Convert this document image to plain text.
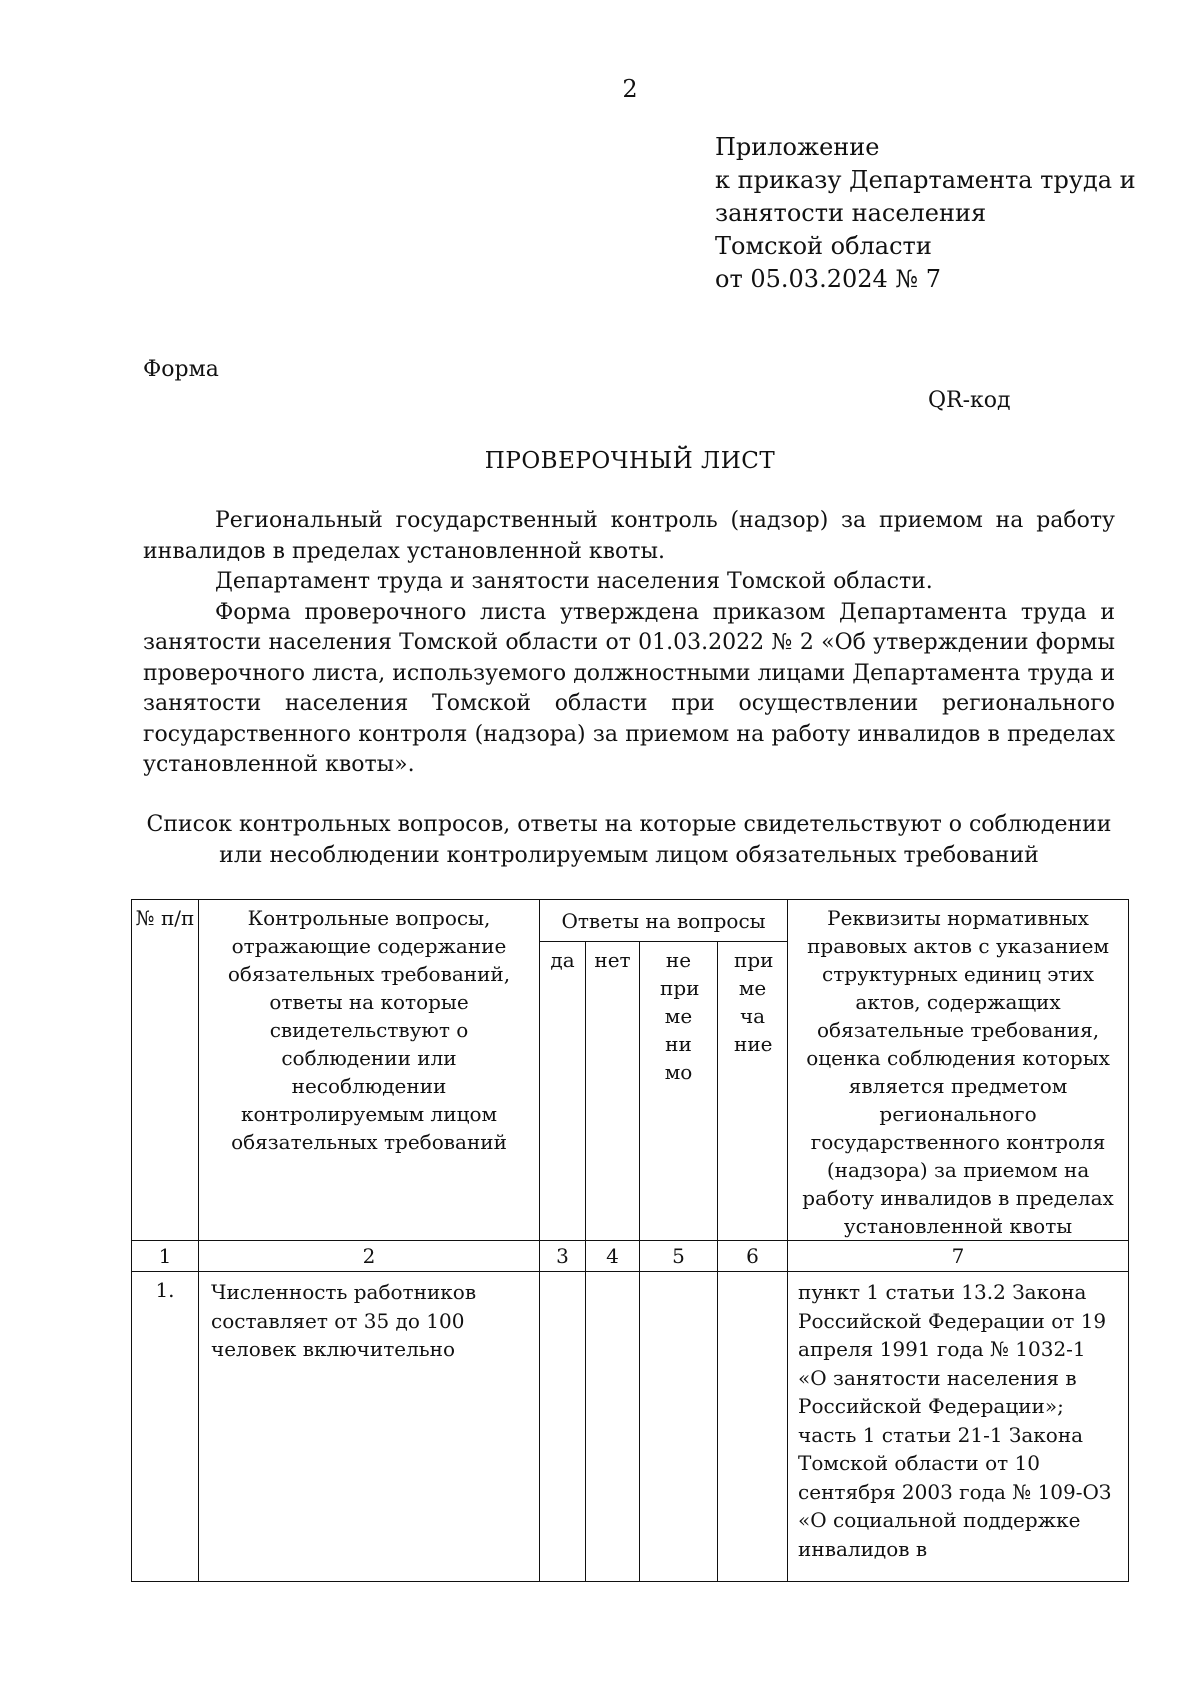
2
Приложение
к приказу Департамента труда и
занятости населения
Томской области
от 05.03.2024 № 7
Форма
QR-код
ПРОВЕРОЧНЫЙ ЛИСТ

Региональный государственный контроль (надзор) за приемом на работу инвалидов в пределах установленной квоты.

Департамент труда и занятости населения Томской области.

Форма проверочного листа утверждена приказом Департамента труда и занятости населения Томской области от 01.03.2022 № 2 «Об утверждении формы проверочного листа, используемого должностными лицами Департамента труда и занятости населения Томской области при осуществлении регионального государственного контроля (надзора) за приемом на работу инвалидов в пределах установленной квоты».

Список контрольных вопросов, ответы на которые свидетельствуют о соблюдении
или несоблюдении контролируемым лицом обязательных требований
№ п/п	Контрольные вопросы, отражающие содержание обязательных требований, ответы на которые свидетельствуют о соблюдении или несоблюдении контролируемым лицом обязательных требований	Ответы на вопросы				Реквизиты нормативных правовых актов с указанием структурных единиц этих актов, содержащих обязательные требования, оценка соблюдения которых является предметом регионального государственного контроля (надзора) за приемом на работу инвалидов в пределах установленной квоты
		да	нет	не при ме ни мо	при ме ча ние	
1	2	3	4	5	6	7
1.	Численность работников составляет от 35 до 100 человек включительно					пункт 1 статьи 13.2 Закона Российской Федерации от 19 апреля 1991 года № 1032-1 «О занятости населения в Российской Федерации»; часть 1 статьи 21-1 Закона Томской области от 10 сентября 2003 года № 109-ОЗ «О социальной поддержке инвалидов в
